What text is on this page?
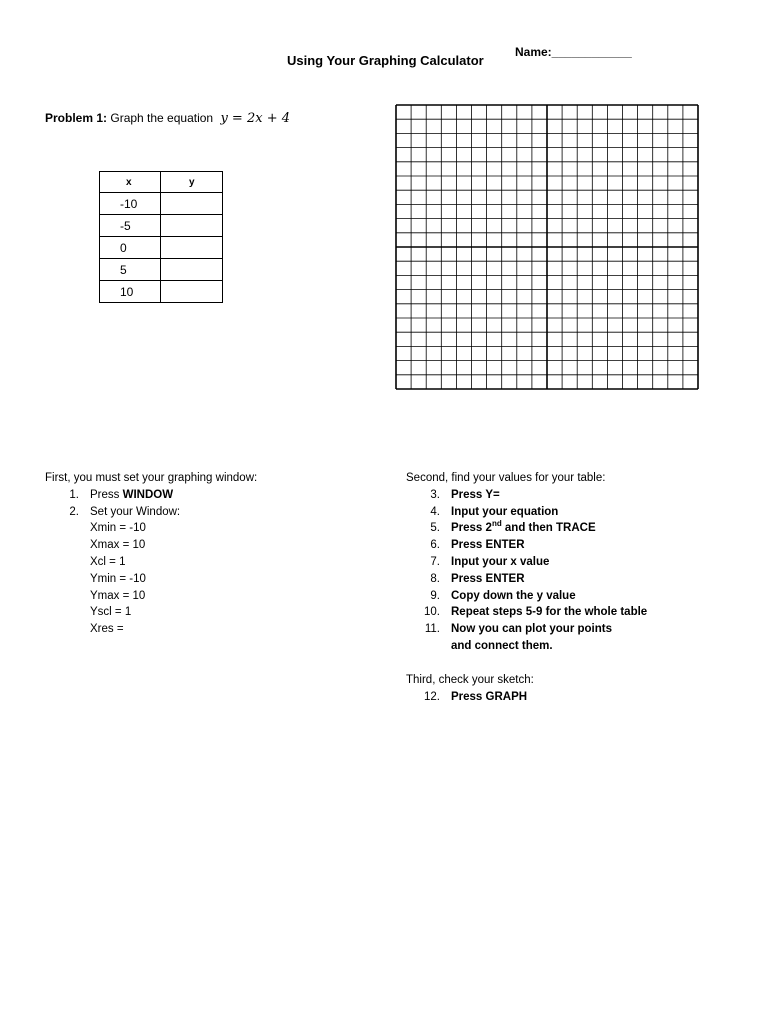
Using Your Graphing Calculator
Name:____________
Problem 1: Graph the equation y = 2x + 4
x	y
-10	
-5	
0	
5	
10	
First, you must set your graphing window:
1. Press WINDOW
2. Set your Window:
Xmin = -10
Xmax = 10
Xcl = 1
Ymin = -10
Ymax = 10
Yscl = 1
Xres =
Second, find your values for your table:
3. Press Y=
4. Input your equation
5. Press 2nd and then TRACE
6. Press ENTER
7. Input your x value
8. Press ENTER
9. Copy down the y value
10. Repeat steps 5-9 for the whole table
11. Now you can plot your points
and connect them.
Third, check your sketch:
12. Press GRAPH
